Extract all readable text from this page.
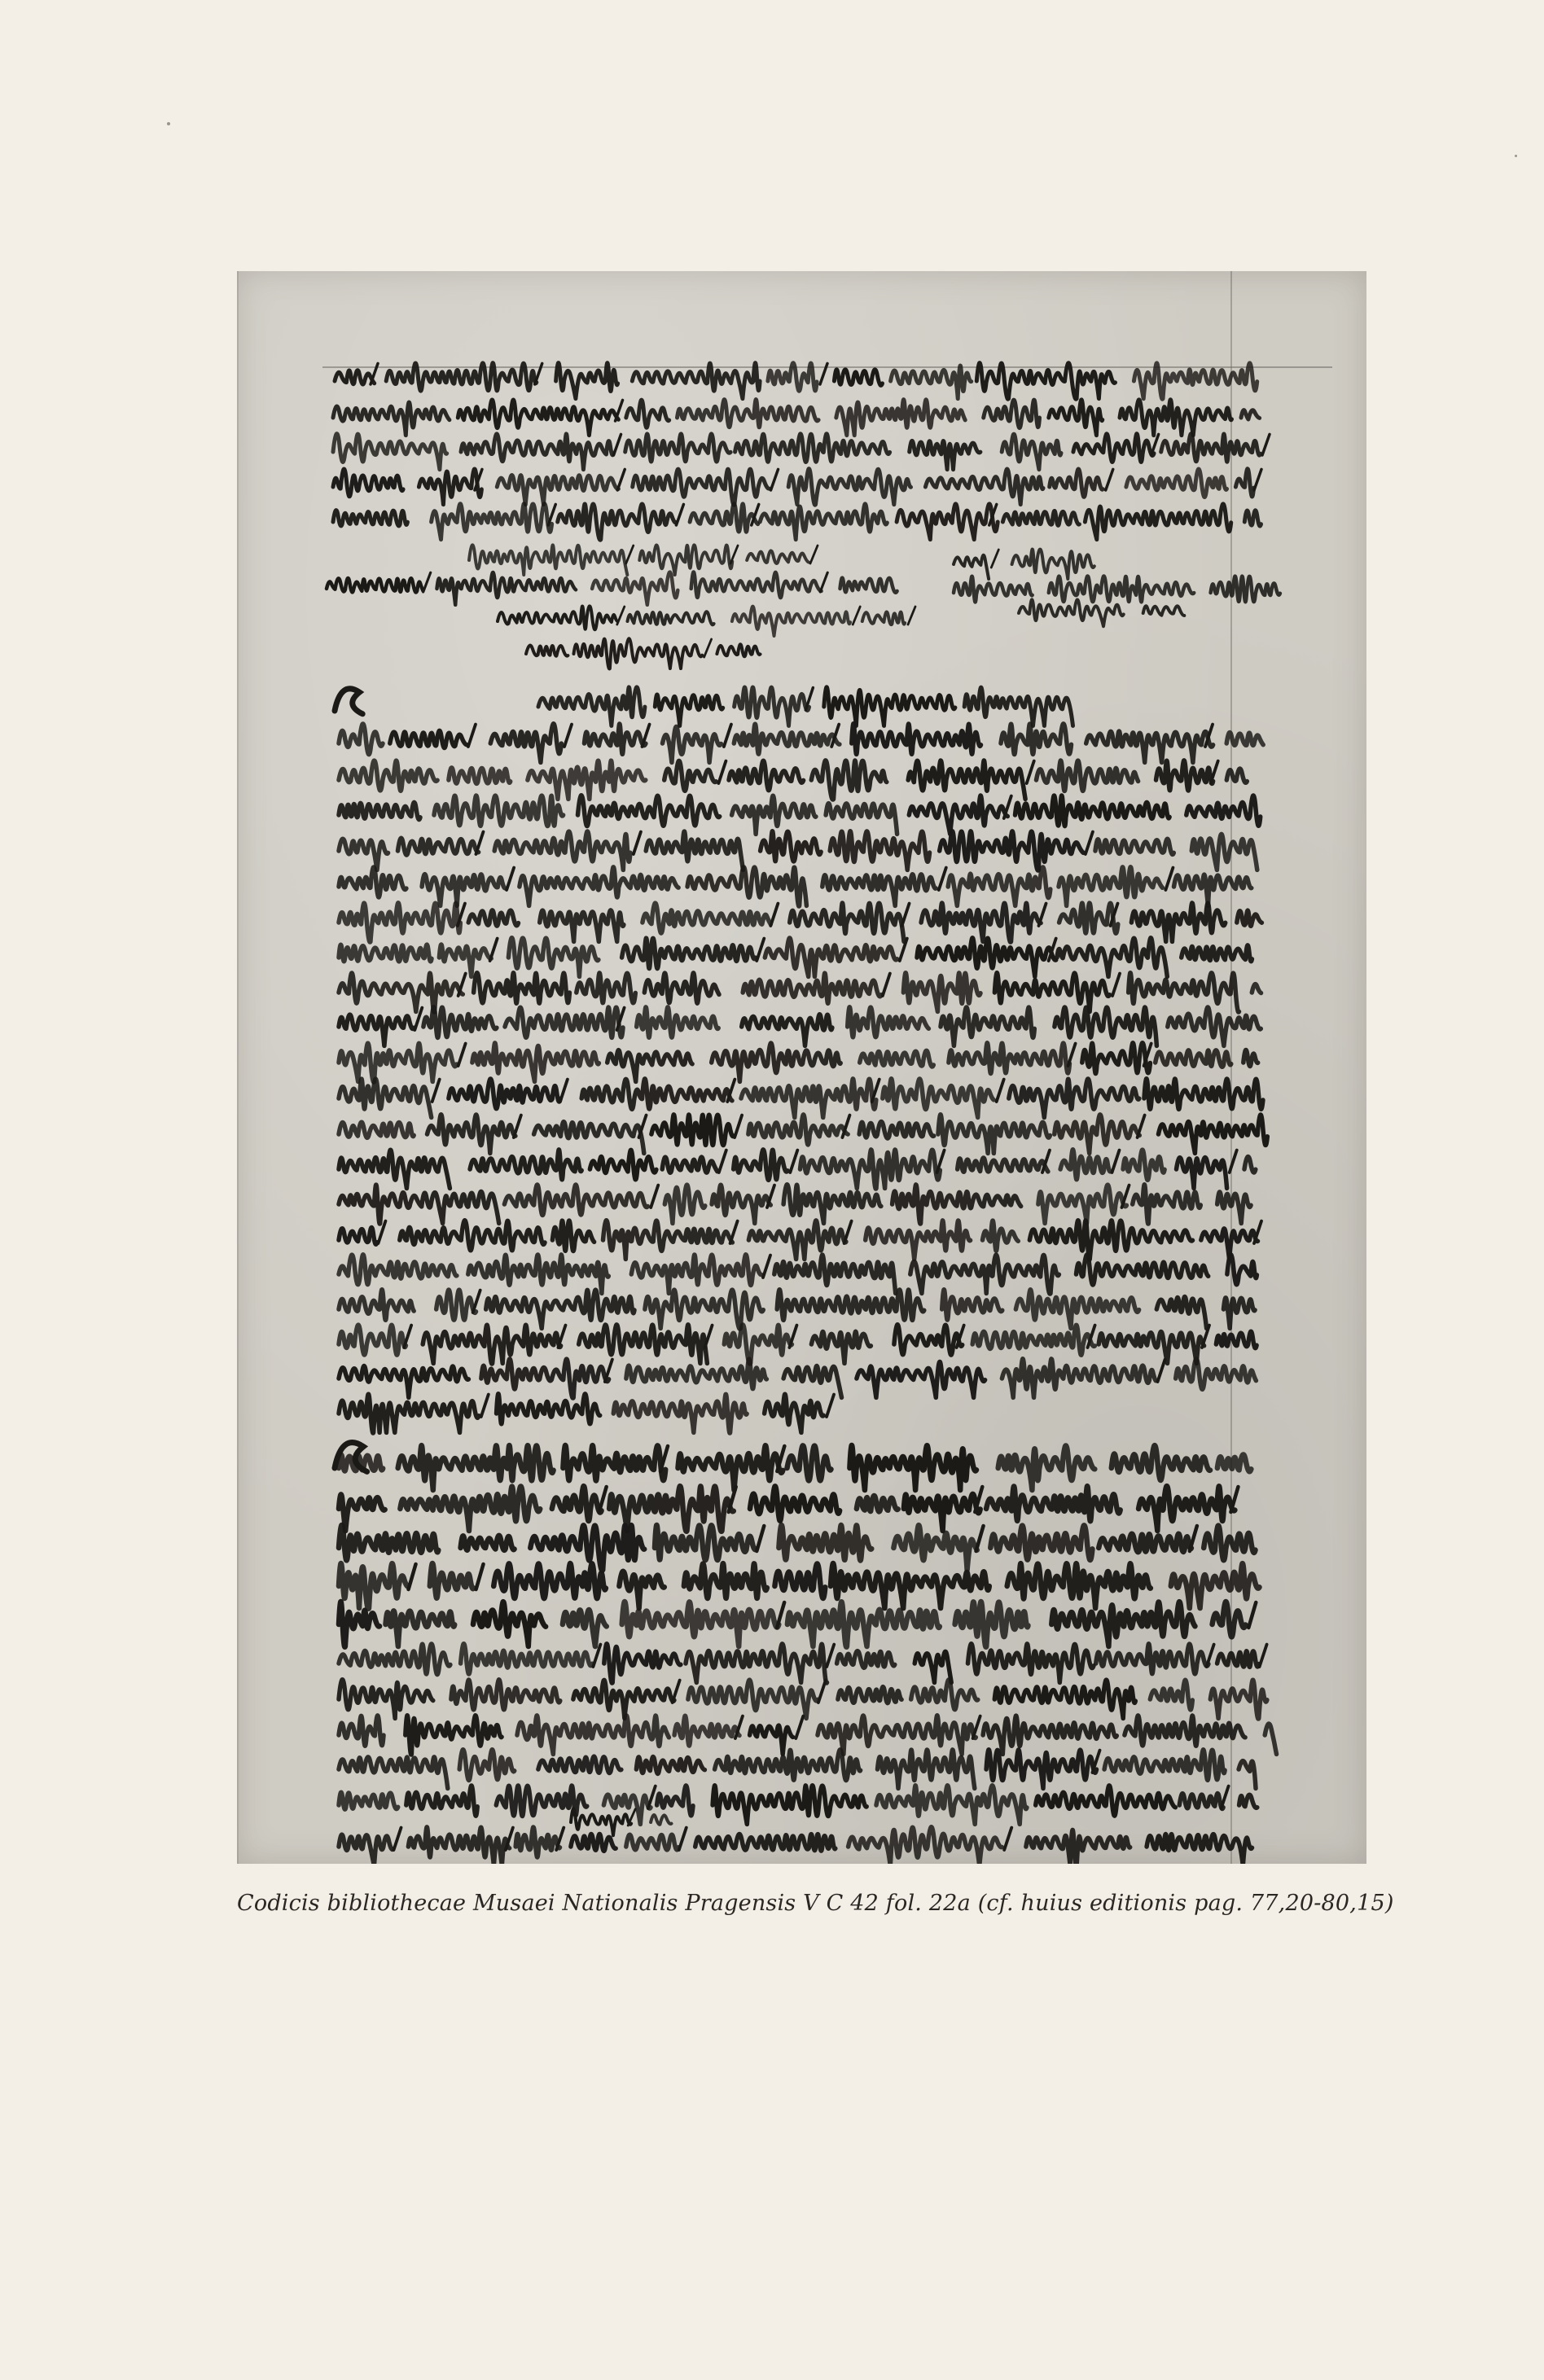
Codicis bibliothecae Musaei Nationalis Pragensis V C 42 fol. 22a (cf. huius editionis pag. 77,20-80,15)
